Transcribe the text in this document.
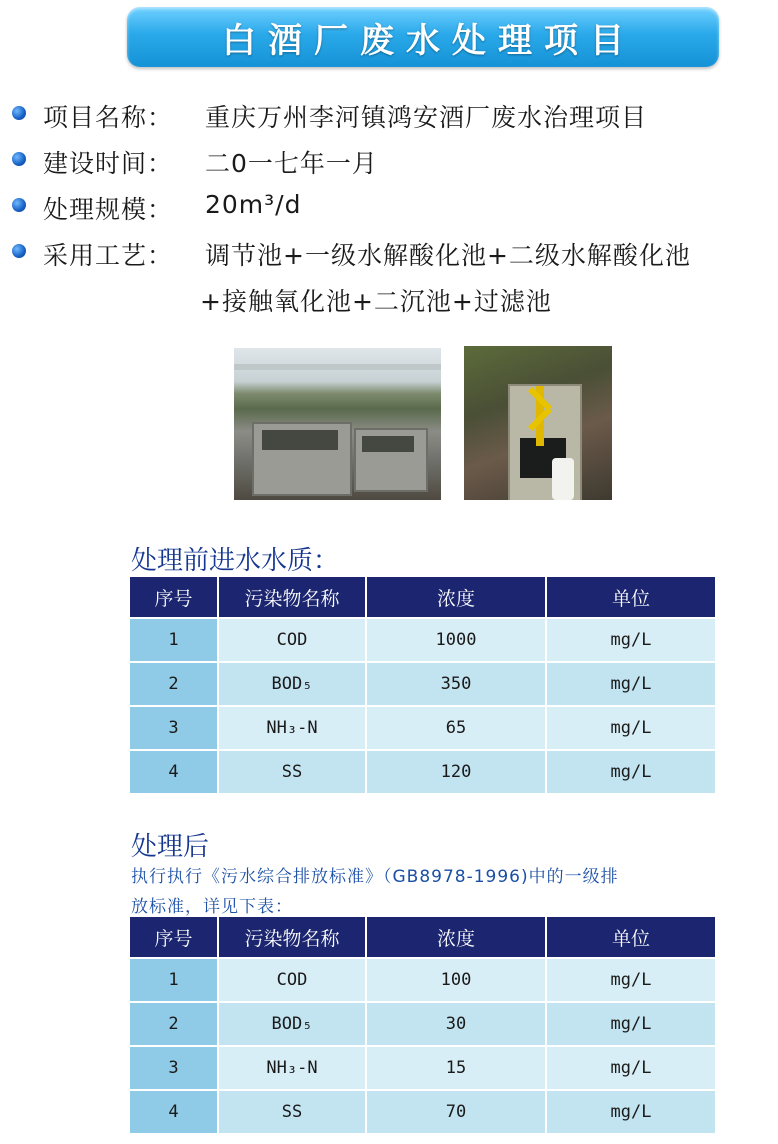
白酒厂废水处理项目
项目名称： 重庆万州李河镇鸿安酒厂废水治理项目
建设时间： 二0一七年一月
处理规模： 20m³/d
采用工艺： 调节池+一级水解酸化池+二级水解酸化池
+接触氧化池+二沉池+过滤池
处理前进水水质：
序号	污染物名称	浓度	单位
1	COD	1000	mg/L
2	BOD₅	350	mg/L
3	NH₃-N	65	mg/L
4	SS	120	mg/L
处理后
执行执行《污水综合排放标准》（GB8978-1996)中的一级排
放标准，详见下表：
序号	污染物名称	浓度	单位
1	COD	100	mg/L
2	BOD₅	30	mg/L
3	NH₃-N	15	mg/L
4	SS	70	mg/L
